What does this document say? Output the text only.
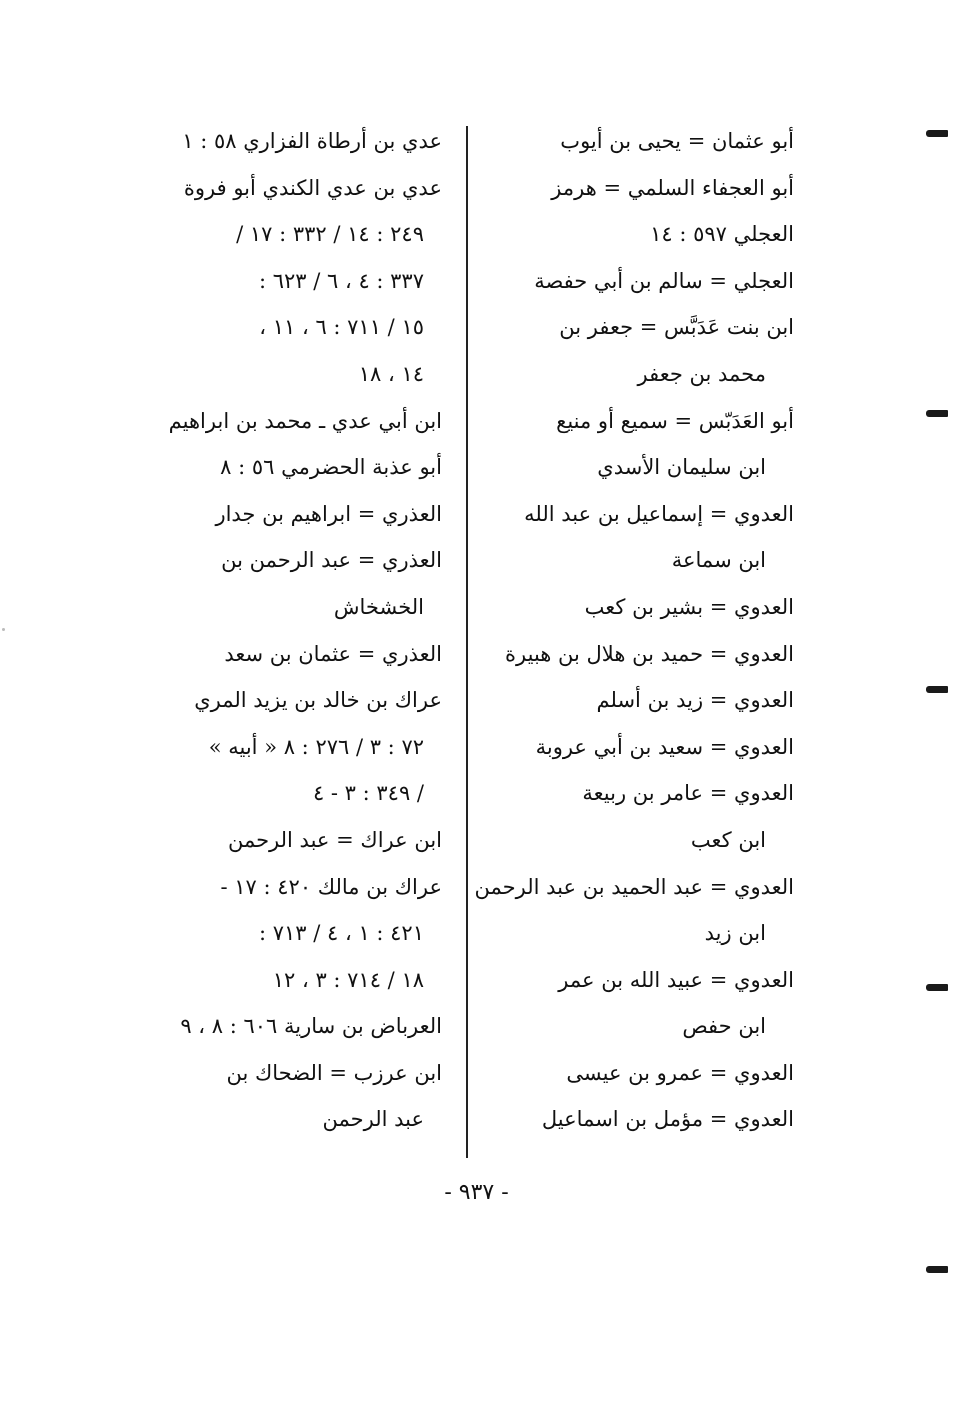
أبو عثمان = يحيى بن أيوب
أبو العجفاء السلمي = هرمز
العجلي ٥٩٧ : ١٤
العجلي = سالم بن أبي حفصة
ابن بنت عَدَبَّس = جعفر بن
محمد بن جعفر
أبو العَدَبّس = سميع أو منيع
ابن سليمان الأسدي
العدوي = إسماعيل بن عبد الله
ابن سماعة
العدوي = بشير بن كعب
العدوي = حميد بن هلال بن هبيرة
العدوي = زيد بن أسلم
العدوي = سعيد بن أبي عروبة
العدوي = عامر بن ربيعة
ابن كعب
العدوي = عبد الحميد بن عبد الرحمن
ابن زيد
العدوي = عبيد الله بن عمر
ابن حفص
العدوي = عمرو بن عيسى
العدوي = مؤمل بن اسماعيل
عدي بن أرطاة الفزاري ٥٨ : ١
عدي بن عدي الكندي أبو فروة
٢٤٩ : ١٤ / ٣٣٢ : ١٧ /
٣٣٧ : ٤ ، ٦ / ٦٢٣ :
١٥ / ٧١١ : ٦ ، ١١ ،
١٤ ، ١٨
ابن أبي عدي ـ محمد بن ابراهيم
أبو عذبة الحضرمي ٥٦ : ٨
العذري = ابراهيم بن جدار
العذري = عبد الرحمن بن
الخشخاش
العذري = عثمان بن سعد
عراك بن خالد بن يزيد المري
٧٢ : ٣ / ٢٧٦ : ٨ « أبيه »
/ ٣٤٩ : ٣ - ٤
ابن عراك = عبد الرحمن
عراك بن مالك ٤٢٠ : ١٧ -
٤٢١ : ١ ، ٤ / ٧١٣ :
١٨ / ٧١٤ : ٣ ، ١٢
العرباض بن سارية ٦٠٦ : ٨ ، ٩
ابن عرزب = الضحاك بن
عبد الرحمن
- ٩٣٧ -
